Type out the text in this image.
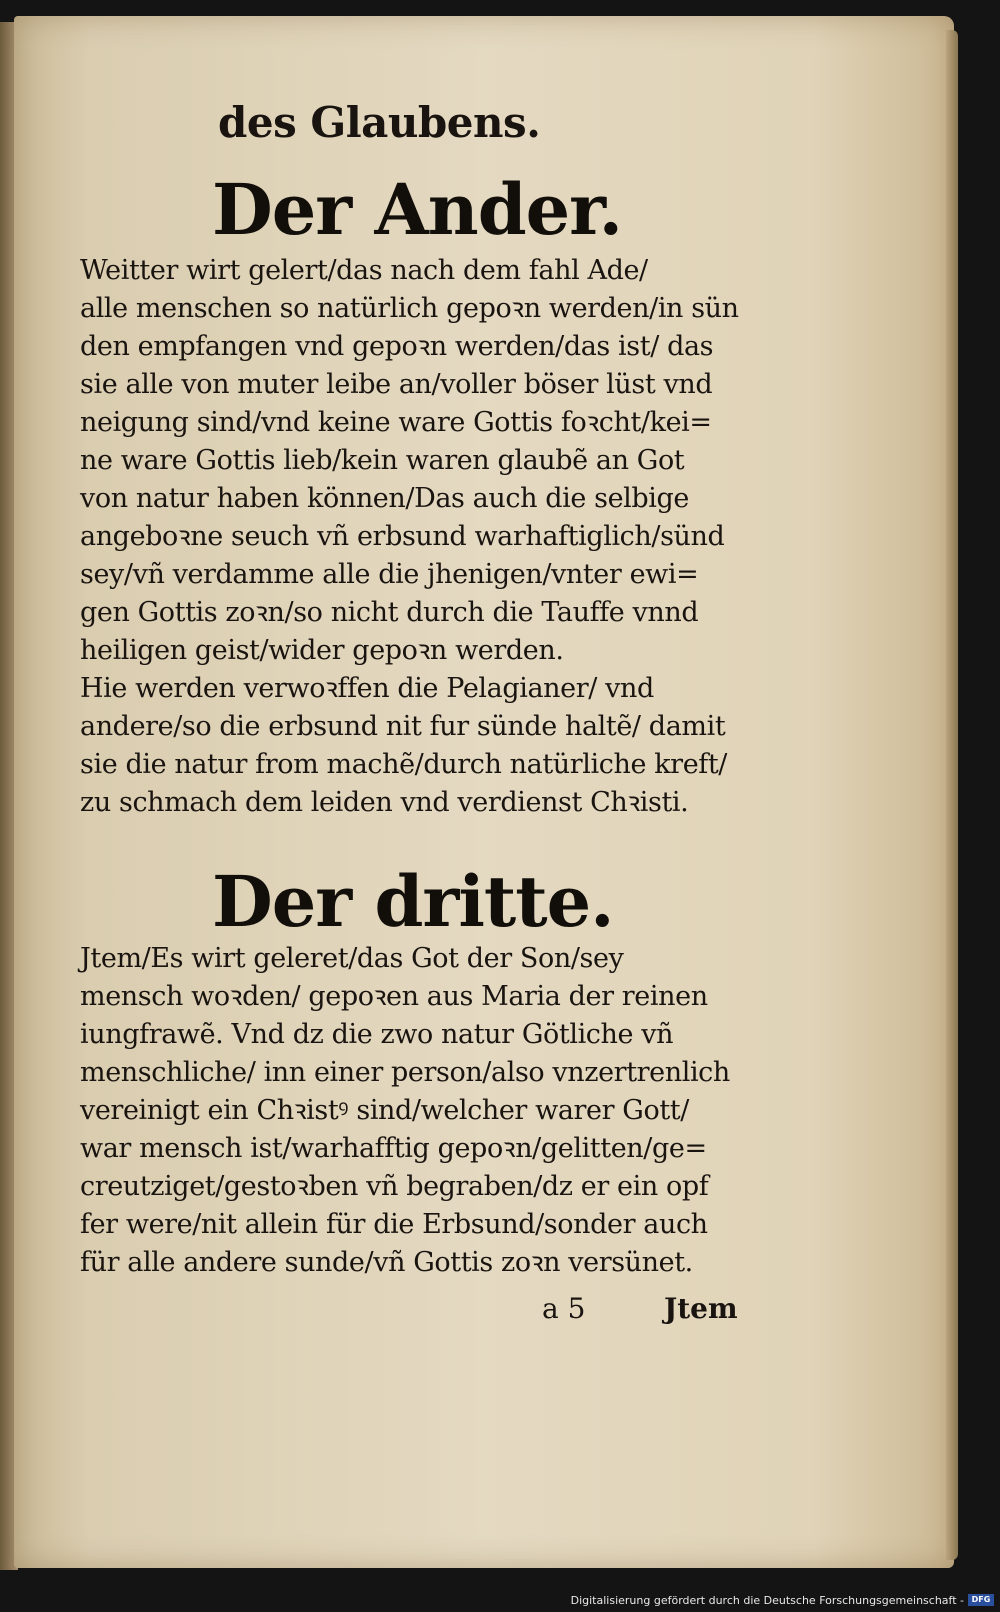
des Glaubens.
Der Ander.
Weitter wirt gelert/das nach dem fahl Ade/
alle menschen so natürlich gepoꝛn werden/in sün
den empfangen vnd gepoꝛn werden/das ist/ das
sie alle von muter leibe an/voller böser lüst vnd
neigung sind/vnd keine ware Gottis foꝛcht/kei=
ne ware Gottis lieb/kein waren glaubẽ an Got
von natur haben können/Das auch die selbige
angeboꝛne seuch vñ erbsund warhaftiglich/sünd
sey/vñ verdamme alle die jhenigen/vnter ewi=
gen Gottis zoꝛn/so nicht durch die Tauffe vnnd
heiligen geist/wider gepoꝛn werden.
Hie werden verwoꝛffen die Pelagianer/ vnd
andere/so die erbsund nit fur sünde haltẽ/ damit
sie die natur from machẽ/durch natürliche kreft/
zu schmach dem leiden vnd verdienst Chꝛisti.
Der dritte.
Jtem/Es wirt geleret/das Got der Son/sey
mensch woꝛden/ gepoꝛen aus Maria der reinen
iungfrawẽ. Vnd dz die zwo natur Götliche vñ
menschliche/ inn einer person/also vnzertrenlich
vereinigt ein Chꝛistꝰ sind/welcher warer Gott/
war mensch ist/warhafftig gepoꝛn/gelitten/ge=
creutziget/gestoꝛben vñ begraben/dz er ein opf
fer were/nit allein für die Erbsund/sonder auch
für alle andere sunde/vñ Gottis zoꝛn versünet.
a 5	Jtem
Digitalisierung gefördert durch die Deutsche Forschungsgemeinschaft - DFG
